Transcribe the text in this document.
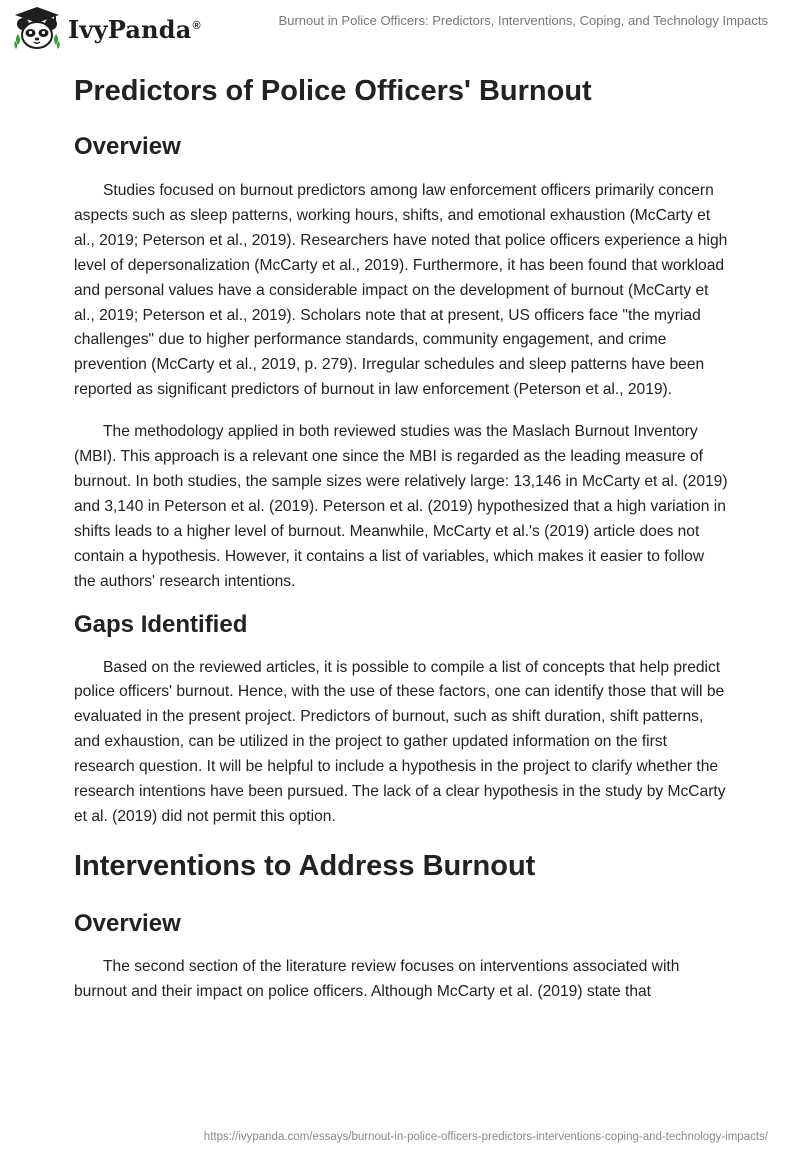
IvyPanda®	Burnout in Police Officers: Predictors, Interventions, Coping, and Technology Impacts
Predictors of Police Officers' Burnout
Overview

Studies focused on burnout predictors among law enforcement officers primarily concern aspects such as sleep patterns, working hours, shifts, and emotional exhaustion (McCarty et al., 2019; Peterson et al., 2019). Researchers have noted that police officers experience a high level of depersonalization (McCarty et al., 2019). Furthermore, it has been found that workload and personal values have a considerable impact on the development of burnout (McCarty et al., 2019; Peterson et al., 2019). Scholars note that at present, US officers face "the myriad challenges" due to higher performance standards, community engagement, and crime prevention (McCarty et al., 2019, p. 279). Irregular schedules and sleep patterns have been reported as significant predictors of burnout in law enforcement (Peterson et al., 2019).

The methodology applied in both reviewed studies was the Maslach Burnout Inventory (MBI). This approach is a relevant one since the MBI is regarded as the leading measure of burnout. In both studies, the sample sizes were relatively large: 13,146 in McCarty et al. (2019) and 3,140 in Peterson et al. (2019). Peterson et al. (2019) hypothesized that a high variation in shifts leads to a higher level of burnout. Meanwhile, McCarty et al.'s (2019) article does not contain a hypothesis. However, it contains a list of variables, which makes it easier to follow the authors' research intentions.

Gaps Identified

Based on the reviewed articles, it is possible to compile a list of concepts that help predict police officers' burnout. Hence, with the use of these factors, one can identify those that will be evaluated in the present project. Predictors of burnout, such as shift duration, shift patterns, and exhaustion, can be utilized in the project to gather updated information on the first research question. It will be helpful to include a hypothesis in the project to clarify whether the research intentions have been pursued. The lack of a clear hypothesis in the study by McCarty et al. (2019) did not permit this option.

Interventions to Address Burnout
Overview

The second section of the literature review focuses on interventions associated with burnout and their impact on police officers. Although McCarty et al. (2019) state that

https://ivypanda.com/essays/burnout-in-police-officers-predictors-interventions-coping-and-technology-impacts/
